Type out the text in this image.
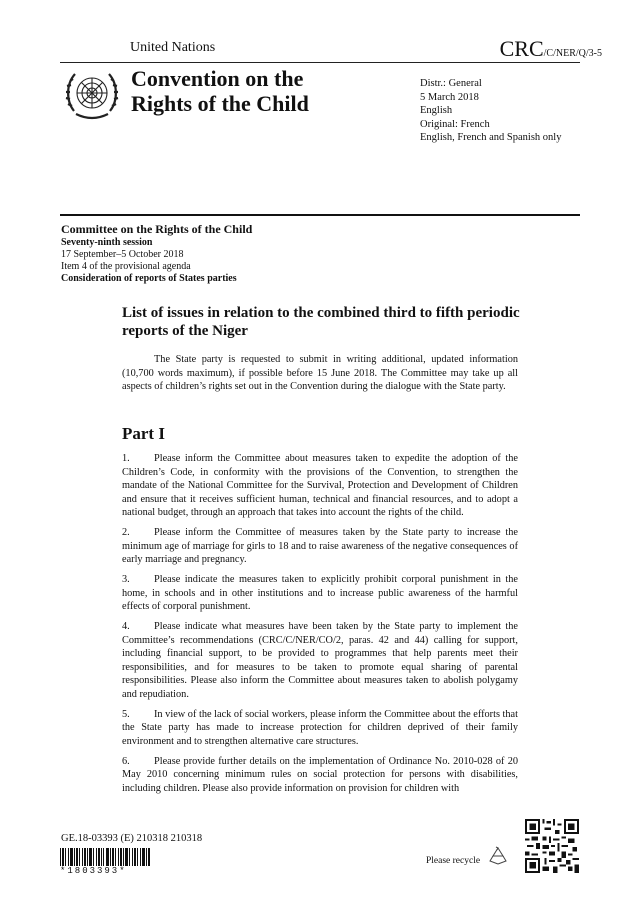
United Nations	CRC/C/NER/Q/3-5
Convention on the
Rights of the Child
Distr.: General
5 March 2018
English
Original: French
English, French and Spanish only
Committee on the Rights of the Child
Seventy-ninth session
17 September–5 October 2018
Item 4 of the provisional agenda
Consideration of reports of States parties
List of issues in relation to the combined third to fifth periodic reports of the Niger
The State party is requested to submit in writing additional, updated information (10,700 words maximum), if possible before 15 June 2018. The Committee may take up all aspects of children’s rights set out in the Convention during the dialogue with the State party.
Part I

1. Please inform the Committee about measures taken to expedite the adoption of the Children’s Code, in conformity with the provisions of the Convention, to strengthen the mandate of the National Committee for the Survival, Protection and Development of Children and ensure that it receives sufficient human, technical and financial resources, and to adopt a national budget, through an approach that takes into account the rights of the child.

2. Please inform the Committee of measures taken by the State party to increase the minimum age of marriage for girls to 18 and to raise awareness of the negative consequences of early marriage and pregnancy.

3. Please indicate the measures taken to explicitly prohibit corporal punishment in the home, in schools and in other institutions and to increase public awareness of the harmful effects of corporal punishment.

4. Please indicate what measures have been taken by the State party to implement the Committee’s recommendations (CRC/C/NER/CO/2, paras. 42 and 44) calling for support, including financial support, to be provided to programmes that help parents meet their responsibilities, and for measures to be taken to promote equal sharing of parental responsibilities. Please also inform the Committee about measures taken to abolish polygamy and repudiation.

5. In view of the lack of social workers, please inform the Committee about the efforts that the State party has made to increase protection for children deprived of their family environment and to strengthen alternative care structures.

6. Please provide further details on the implementation of Ordinance No. 2010-028 of 20 May 2010 concerning minimum rules on social protection for persons with disabilities, including children. Please also provide information on provision for children with

GE.18-03393 (E) 210318 210318
*1803393*
Please recycle
